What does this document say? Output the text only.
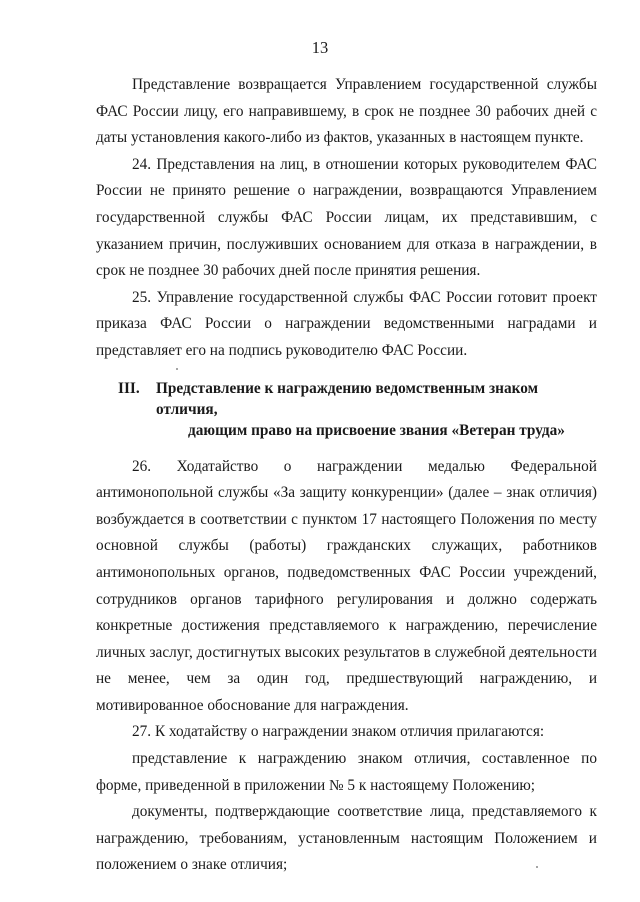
13

Представление возвращается Управлением государственной службы ФАС России лицу, его направившему, в срок не позднее 30 рабочих дней с даты установления какого-либо из фактов, указанных в настоящем пункте.

24. Представления на лиц, в отношении которых руководителем ФАС России не принято решение о награждении, возвращаются Управлением государственной службы ФАС России лицам, их представившим, с указанием причин, послуживших основанием для отказа в награждении, в срок не позднее 30 рабочих дней после принятия решения.

25. Управление государственной службы ФАС России готовит проект приказа ФАС России о награждении ведомственными наградами и представляет его на подпись руководителю ФАС России.

III.	Представление к награждению ведомственным знаком отличия,
дающим право на присвоение звания «Ветеран труда»

26. Ходатайство о награждении медалью Федеральной антимонопольной службы «За защиту конкуренции» (далее – знак отличия) возбуждается в соответствии с пунктом 17 настоящего Положения по месту основной службы (работы) гражданских служащих, работников антимонопольных органов, подведомственных ФАС России учреждений, сотрудников органов тарифного регулирования и должно содержать конкретные достижения представляемого к награждению, перечисление личных заслуг, достигнутых высоких результатов в служебной деятельности не менее, чем за один год, предшествующий награждению, и мотивированное обоснование для награждения.

27. К ходатайству о награждении знаком отличия прилагаются:

представление к награждению знаком отличия, составленное по форме, приведенной в приложении № 5 к настоящему Положению;

документы, подтверждающие соответствие лица, представляемого к награждению, требованиям, установленным настоящим Положением и положением о знаке отличия;
